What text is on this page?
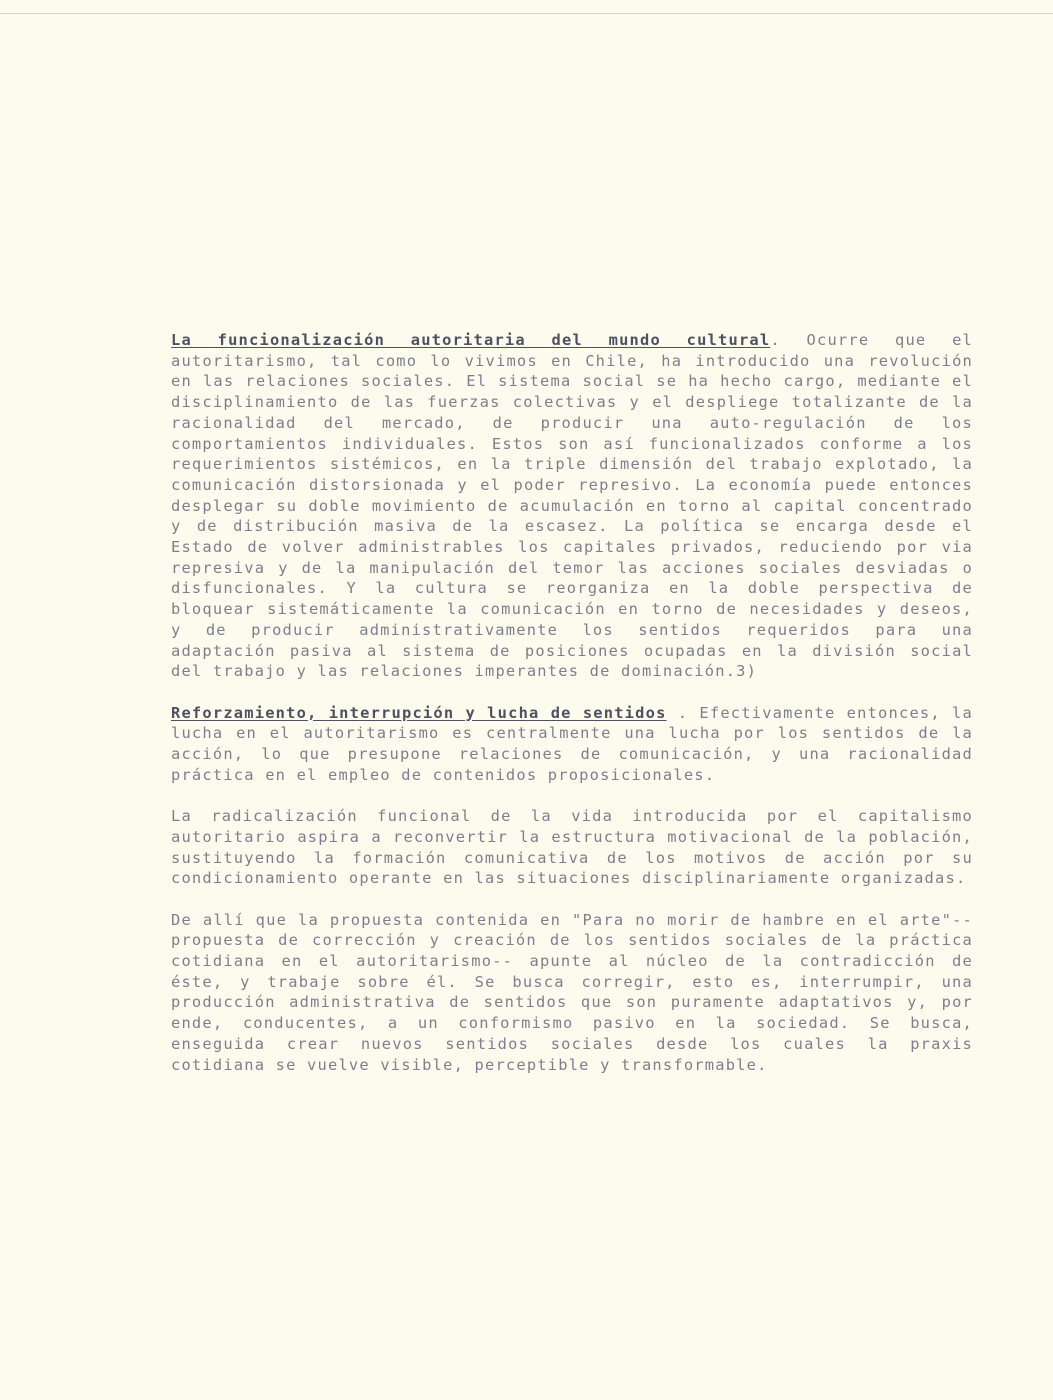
La funcionalización autoritaria del mundo cultural. Ocurre que el autoritarismo, tal como lo vivimos en Chile, ha introducido una revolución en las relaciones sociales. El sistema social se ha hecho cargo, mediante el disciplinamiento de las fuerzas colectivas y el despliege totalizante de la racionalidad del mercado, de producir una auto-regulación de los comportamientos individuales. Estos son así funcionalizados conforme a los requerimientos sistémicos, en la triple dimensión del trabajo explotado, la comunicación distorsionada y el poder represivo. La economía puede entonces desplegar su doble movimiento de acumulación en torno al capital concentrado y de distribución masiva de la escasez. La política se encarga desde el Estado de volver administrables los capitales privados, reduciendo por via represiva y de la manipulación del temor las acciones sociales desviadas o disfuncionales. Y la cultura se reorganiza en la doble perspectiva de bloquear sistemáticamente la comunicación en torno de necesidades y deseos, y de producir administrativamente los sentidos requeridos para una adaptación pasiva al sistema de posiciones ocupadas en la división social del trabajo y las relaciones imperantes de dominación.3)

Reforzamiento, interrupción y lucha de sentidos . Efectivamente entonces, la lucha en el autoritarismo es centralmente una lucha por los sentidos de la acción, lo que presupone relaciones de comunicación, y una racionalidad práctica en el empleo de contenidos proposicionales.

La radicalización funcional de la vida introducida por el capitalismo autoritario aspira a reconvertir la estructura motivacional de la población, sustituyendo la formación comunicativa de los motivos de acción por su condicionamiento operante en las situaciones disciplinariamente organizadas.

De allí que la propuesta contenida en "Para no morir de hambre en el arte"-- propuesta de corrección y creación de los sentidos sociales de la práctica cotidiana en el autoritarismo-- apunte al núcleo de la contradicción de éste, y trabaje sobre él. Se busca corregir, esto es, interrumpir, una producción administrativa de sentidos que son puramente adaptativos y, por ende, conducentes, a un conformismo pasivo en la sociedad. Se busca, enseguida crear nuevos sentidos sociales desde los cuales la praxis cotidiana se vuelve visible, perceptible y transformable.
